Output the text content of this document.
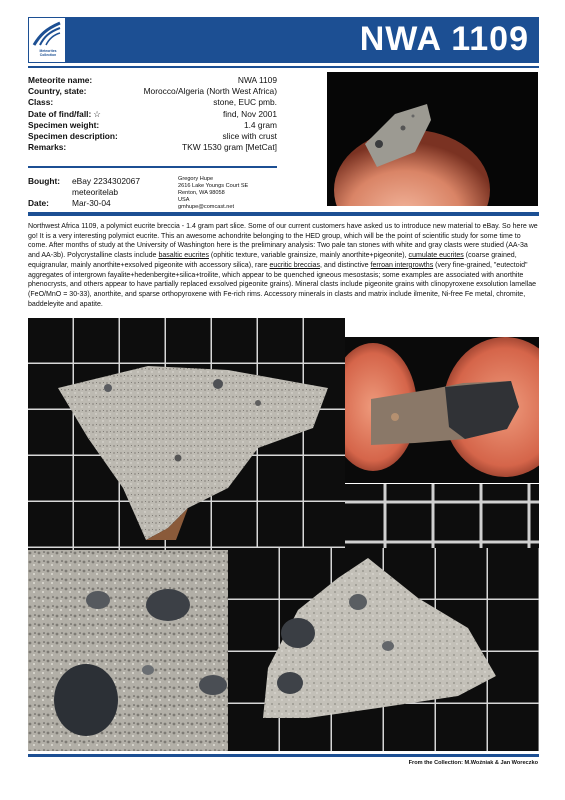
Meteorites Collection	NWA 1109
Meteorite name:	NWA 1109
Country, state:	Morocco/Algeria (North West Africa)
Class:	stone, EUC pmb.
Date of find/fall: ☆	find, Nov 2001
Specimen weight:	1.4 gram
Specimen description:	slice with crust
Remarks:	TKW 1530 gram [MetCat]
Bought: eBay 2234302067
meteoritelab
Date:	Mar-30-04
Gregory Hupe
2616 Lake Youngs Court SE
Renton, WA 98058
USA
gmhupe@comcast.net
Northwest Africa 1109, a polymict eucrite breccia - 1.4 gram part slice. Some of our current customers have asked us to introduce new material to eBay. So here we go! It is a very interesting polymict eucrite. This an awesome achondrite belonging to the HED group, which will be the point of scientific study for some time to come. After months of study at the University of Washington here is the preliminary analysis: Two pale tan stones with white and gray clasts were studied (AA-3a and AA-3b). Polycrystalline clasts include basaltic eucrites (ophitic texture, variable grainsize, mainly anorthite+pigeonite), cumulate eucrites (coarse grained, equigranular, mainly anorthite+exsolved pigeonite with accessory silica), rare eucritic breccias, and distinctive ferroan intergrowths (very fine-grained, "eutectoid" aggregates of intergrown fayalite+hedenbergite+silica+troilite, which appear to be quenched igneous mesostasis; some examples are associated with anorthite phenocrysts, and others appear to have partially replaced exsolved pigeonite grains). Mineral clasts include pigeonite grains with clinopyroxene exsolution lamellae (FeO/MnO = 30-33), anorthite, and sparse orthopyroxene with Fe-rich rims. Accessory minerals in clasts and matrix include ilmenite, Ni-free Fe metal, chromite, baddeleyite and apatite.
From the Collection: M.Woźniak & Jan Woreczko
